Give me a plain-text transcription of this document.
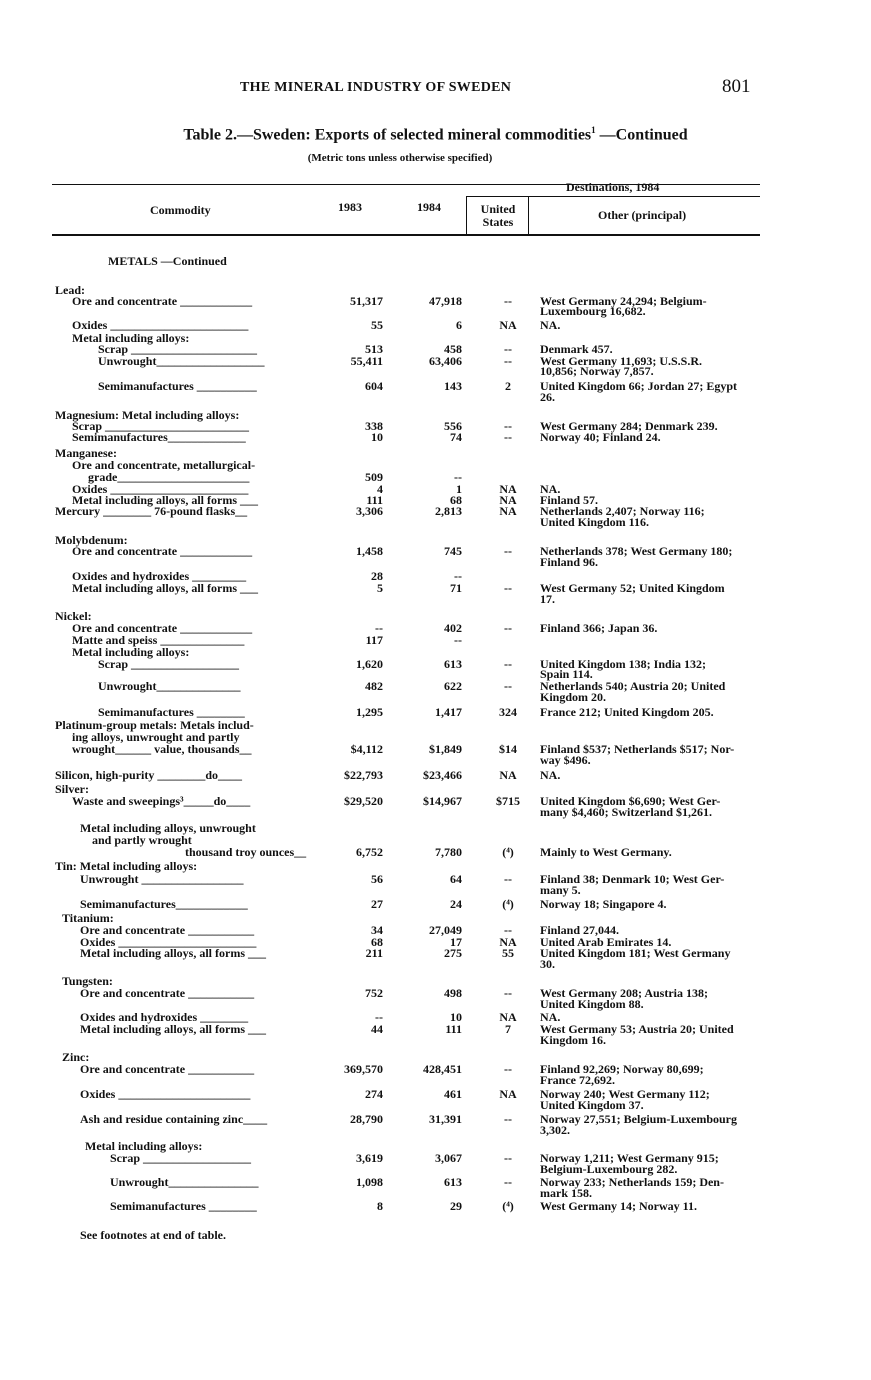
THE MINERAL INDUSTRY OF SWEDEN	801
Table 2.—Sweden: Exports of selected mineral commodities$^1$ —Continued
(Metric tons unless otherwise specified)
Destinations, 1984
Commodity	1983	1984	United
States	Other (principal)
METALS —Continued
Lead:
Ore and concentrate ____________	51,317	47,918	--	West Germany 24,294; Belgium-
Luxembourg 16,682.
Oxides _______________________	55	6	NA	NA.
Metal including alloys:
Scrap _____________________	513	458	--	Denmark 457.
Unwrought__________________	55,411	63,406	--	West Germany 11,693; U.S.S.R.
10,856; Norway 7,857.
Semimanufactures __________	604	143	2	United Kingdom 66; Jordan 27; Egypt
26.
Magnesium: Metal including alloys:
Scrap ________________________	338	556	--	West Germany 284; Denmark 239.
Semimanufactures_____________	10	74	--	Norway 40; Finland 24.
Manganese:
Ore and concentrate, metallurgical-
grade______________________	509	--
Oxides _______________________	4	1	NA	NA.
Metal including alloys, all forms ___	111	68	NA	Finland 57.
Mercury ________ 76-pound flasks__	3,306	2,813	NA	Netherlands 2,407; Norway 116;
United Kingdom 116.
Molybdenum:
Ore and concentrate ____________	1,458	745	--	Netherlands 378; West Germany 180;
Finland 96.
Oxides and hydroxides _________	28	--
Metal including alloys, all forms ___	5	71	--	West Germany 52; United Kingdom
17.
Nickel:
Ore and concentrate ____________	--	402	--	Finland 366; Japan 36.
Matte and speiss ______________	117	--
Metal including alloys:
Scrap __________________	1,620	613	--	United Kingdom 138; India 132;
Spain 114.
Unwrought______________	482	622	--	Netherlands 540; Austria 20; United
Kingdom 20.
Semimanufactures ________	1,295	1,417	324	France 212; United Kingdom 205.
Platinum-group metals: Metals includ-
ing alloys, unwrought and partly
wrought______ value, thousands__	$4,112	$1,849	$14	Finland $537; Netherlands $517; Nor-
way $496.
Silicon, high-purity ________do____	$22,793	$23,466	NA	NA.
Silver:
Waste and sweepings³_____do____	$29,520	$14,967	$715	United Kingdom $6,690; West Ger-
many $4,460; Switzerland $1,261.
Metal including alloys, unwrought
and partly wrought
thousand troy ounces__	6,752	7,780	(⁴)	Mainly to West Germany.
Tin: Metal including alloys:
Unwrought _________________	56	64	--	Finland 38; Denmark 10; West Ger-
many 5.
Semimanufactures____________	27	24	(⁴)	Norway 18; Singapore 4.
Titanium:
Ore and concentrate ___________	34	27,049	--	Finland 27,044.
Oxides _______________________	68	17	NA	United Arab Emirates 14.
Metal including alloys, all forms ___	211	275	55	United Kingdom 181; West Germany
30.
Tungsten:
Ore and concentrate ___________	752	498	--	West Germany 208; Austria 138;
United Kingdom 88.
Oxides and hydroxides ________	--	10	NA	NA.
Metal including alloys, all forms ___	44	111	7	West Germany 53; Austria 20; United
Kingdom 16.
Zinc:
Ore and concentrate ___________	369,570	428,451	--	Finland 92,269; Norway 80,699;
France 72,692.
Oxides ______________________	274	461	NA	Norway 240; West Germany 112;
United Kingdom 37.
Ash and residue containing zinc____	28,790	31,391	--	Norway 27,551; Belgium-Luxembourg
3,302.
Metal including alloys:
Scrap __________________	3,619	3,067	--	Norway 1,211; West Germany 915;
Belgium-Luxembourg 282.
Unwrought_______________	1,098	613	--	Norway 233; Netherlands 159; Den-
mark 158.
Semimanufactures ________	8	29	(⁴)	West Germany 14; Norway 11.
See footnotes at end of table.
